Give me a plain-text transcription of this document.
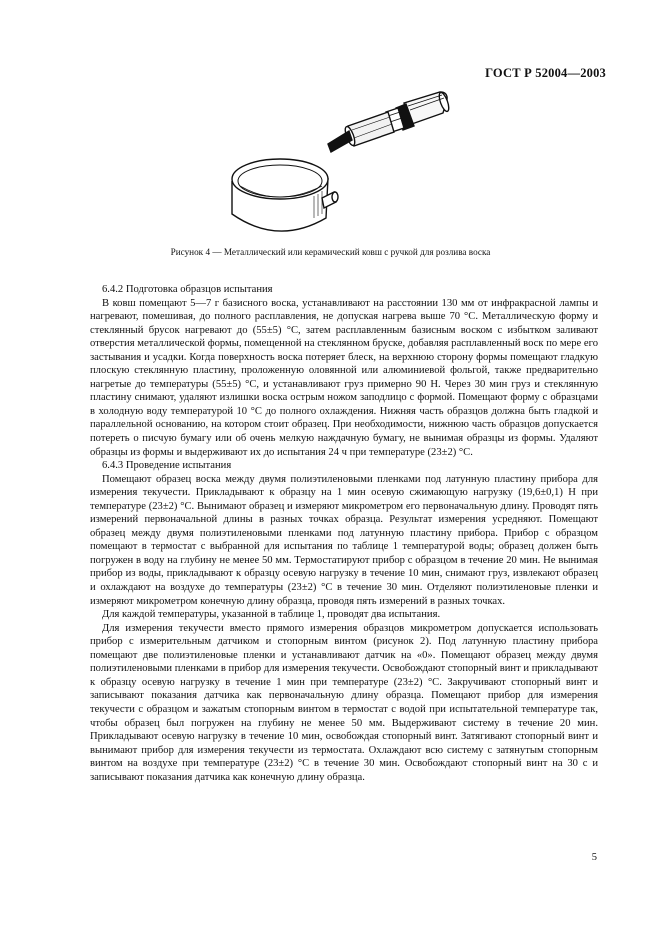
ГОСТ Р 52004—2003
Рисунок 4 — Металлический или керамический ковш с ручкой для розлива воска

6.4.2 Подготовка образцов испытания

В ковш помещают 5—7 г базисного воска, устанавливают на расстоянии 130 мм от инфракрасной лампы и нагревают, помешивая, до полного расплавления, не допуская нагрева выше 70 °С. Металлическую форму и стеклянный брусок нагревают до (55±5) °С, затем расплавленным базисным воском с избытком заливают отверстия металлической формы, помещенной на стеклянном бруске, добавляя расплавленный воск по мере его застывания и усадки. Когда поверхность воска потеряет блеск, на верхнюю сторону формы помещают гладкую плоскую стеклянную пластину, проложенную оловянной или алюминиевой фольгой, также предварительно нагретые до температуры (55±5) °С, и устанавливают груз примерно 90 Н. Через 30 мин груз и стеклянную пластину снимают, удаляют излишки воска острым ножом заподлицо с формой. Помещают форму с образцами в холодную воду температурой 10 °С до полного охлаждения. Нижняя часть образцов должна быть гладкой и параллельной основанию, на котором стоит образец. При необходимости, нижнюю часть образцов допускается потереть о писчую бумагу или об очень мелкую наждачную бумагу, не вынимая образцы из формы. Удаляют образцы из формы и выдерживают их до испытания 24 ч при температуре (23±2) °С.

6.4.3 Проведение испытания

Помещают образец воска между двумя полиэтиленовыми пленками под латунную пластину прибора для измерения текучести. Прикладывают к образцу на 1 мин осевую сжимающую нагрузку (19,6±0,1) Н при температуре (23±2) °С. Вынимают образец и измеряют микрометром его первоначальную длину. Проводят пять измерений первоначальной длины в разных точках образца. Результат измерения усредняют. Помещают образец между двумя полиэтиленовыми пленками под латунную пластину прибора. Прибор с образцом помещают в термостат с выбранной для испытания по таблице 1 температурой воды; образец должен быть погружен в воду на глубину не менее 50 мм. Термостатируют прибор с образцом в течение 20 мин. Не вынимая прибор из воды, прикладывают к образцу осевую нагрузку в течение 10 мин, снимают груз, извлекают образец и охлаждают на воздухе до температуры (23±2) °С в течение 30 мин. Отделяют полиэтиленовые пленки и измеряют микрометром конечную длину образца, проводя пять измерений в разных точках.

Для каждой температуры, указанной в таблице 1, проводят два испытания.

Для измерения текучести вместо прямого измерения образцов микрометром допускается использовать прибор с измерительным датчиком и стопорным винтом (рисунок 2). Под латунную пластину прибора помещают две полиэтиленовые пленки и устанавливают датчик на «0». Помещают образец между двумя полиэтиленовыми пленками в прибор для измерения текучести. Освобождают стопорный винт и прикладывают к образцу осевую нагрузку в течение 1 мин при температуре (23±2) °С. Закручивают стопорный винт и записывают показания датчика как первоначальную длину образца. Помещают прибор для измерения текучести с образцом и зажатым стопорным винтом в термостат с водой при испытательной температуре так, чтобы образец был погружен на глубину не менее 50 мм. Выдерживают систему в течение 20 мин. Прикладывают осевую нагрузку в течение 10 мин, освобождая стопорный винт. Затягивают стопорный винт и вынимают прибор для измерения текучести из термостата. Охлаждают всю систему с затянутым стопорным винтом на воздухе при температуре (23±2) °С в течение 30 мин. Освобождают стопорный винт на 30 с и записывают показания датчика как конечную длину образца.

5
